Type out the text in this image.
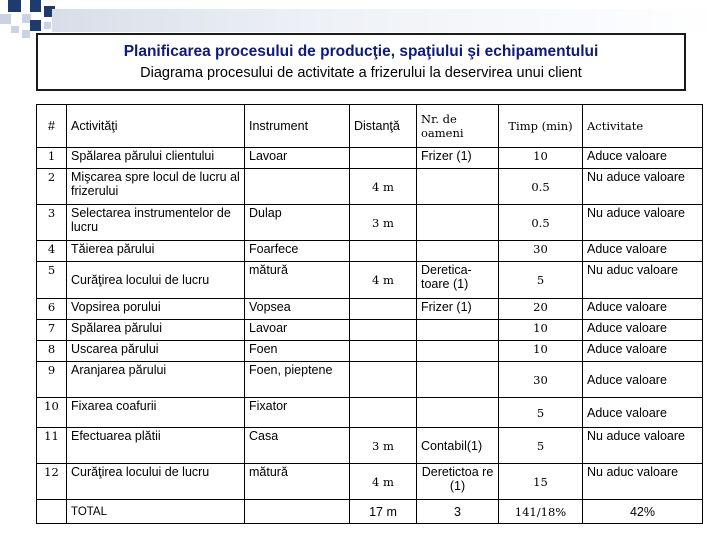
Planificarea procesului de producţie, spaţiului şi echipamentului
Diagrama procesului de activitate a frizerului la deservirea unui client
#	Activităţi	Instrument	Distanţă	Nr. de oameni	Timp (min)	Activitate
1	Spălarea părului clientului	Lavoar		Frizer (1)	10	Aduce valoare
2	Mişcarea spre locul de lucru al frizerului		4 m		0.5	Nu aduce valoare
3	Selectarea instrumentelor de lucru	Dulap	3 m		0.5	Nu aduce valoare
4	Tăierea părului	Foarfece			30	Aduce valoare
5	Curăţirea locului de lucru	mătură	4 m	Deretica-toare (1)	5	Nu aduc valoare
6	Vopsirea porului	Vopsea		Frizer (1)	20	Aduce valoare
7	Spălarea părului	Lavoar			10	Aduce valoare
8	Uscarea părului	Foen			10	Aduce valoare
9	Aranjarea părului	Foen, pieptene			30	Aduce valoare
10	Fixarea coafurii	Fixator			5	Aduce valoare
11	Efectuarea plătii	Casa	3 m	Contabil(1)	5	Nu aduce valoare
12	Curăţirea locului de lucru	mătură	4 m	Deretictoa re (1)	15	Nu aduc valoare
	TOTAL		17 m	3	141/18%	42%
